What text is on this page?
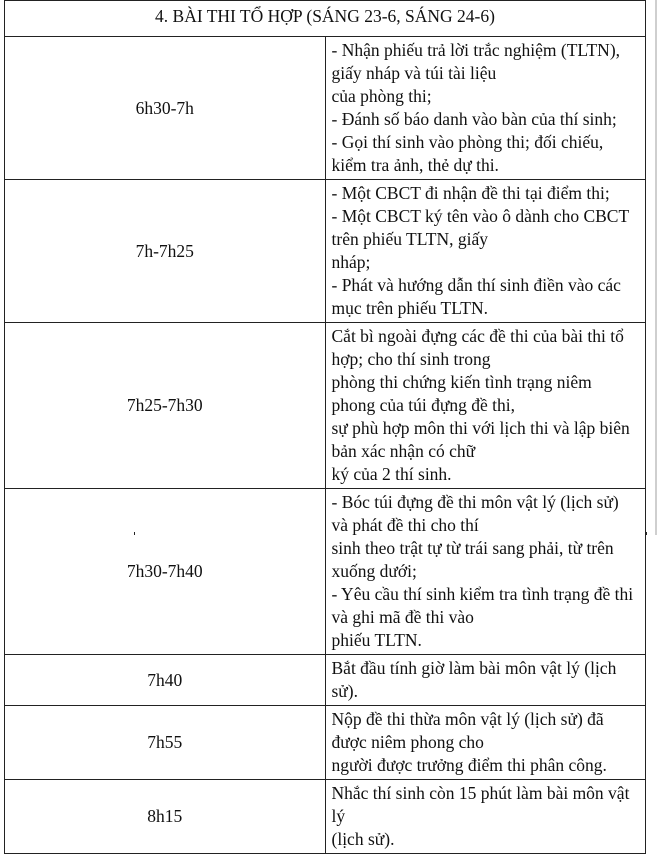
4. BÀI THI TỔ HỢP (SÁNG 23-6, SÁNG 24-6)	
6h30-7h	- Nhận phiếu trả lời trắc nghiệm (TLTN), giấy nháp và túi tài liệu
của phòng thi;
- Đánh số báo danh vào bàn của thí sinh;
- Gọi thí sinh vào phòng thi; đối chiếu, kiểm tra ảnh, thẻ dự thi.

7h-7h25	- Một CBCT đi nhận đề thi tại điểm thi;
- Một CBCT ký tên vào ô dành cho CBCT trên phiếu TLTN, giấy
nháp;
- Phát và hướng dẫn thí sinh điền vào các mục trên phiếu TLTN.

7h25-7h30	Cắt bì ngoài đựng các đề thi của bài thi tổ hợp; cho thí sinh trong
phòng thi chứng kiến tình trạng niêm phong của túi đựng đề thi,
sự phù hợp môn thi với lịch thi và lập biên bản xác nhận có chữ
ký của 2 thí sinh.

7h30-7h40	- Bóc túi đựng đề thi môn vật lý (lịch sử) và phát đề thi cho thí
sinh theo trật tự từ trái sang phải, từ trên xuống dưới;
- Yêu cầu thí sinh kiểm tra tình trạng đề thi và ghi mã đề thi vào
phiếu TLTN.

7h40	Bắt đầu tính giờ làm bài môn vật lý (lịch sử).

7h55	Nộp đề thi thừa môn vật lý (lịch sử) đã được niêm phong cho
người được trưởng điểm thi phân công.

8h15	Nhắc thí sinh còn 15 phút làm bài môn vật lý
(lịch sử).
